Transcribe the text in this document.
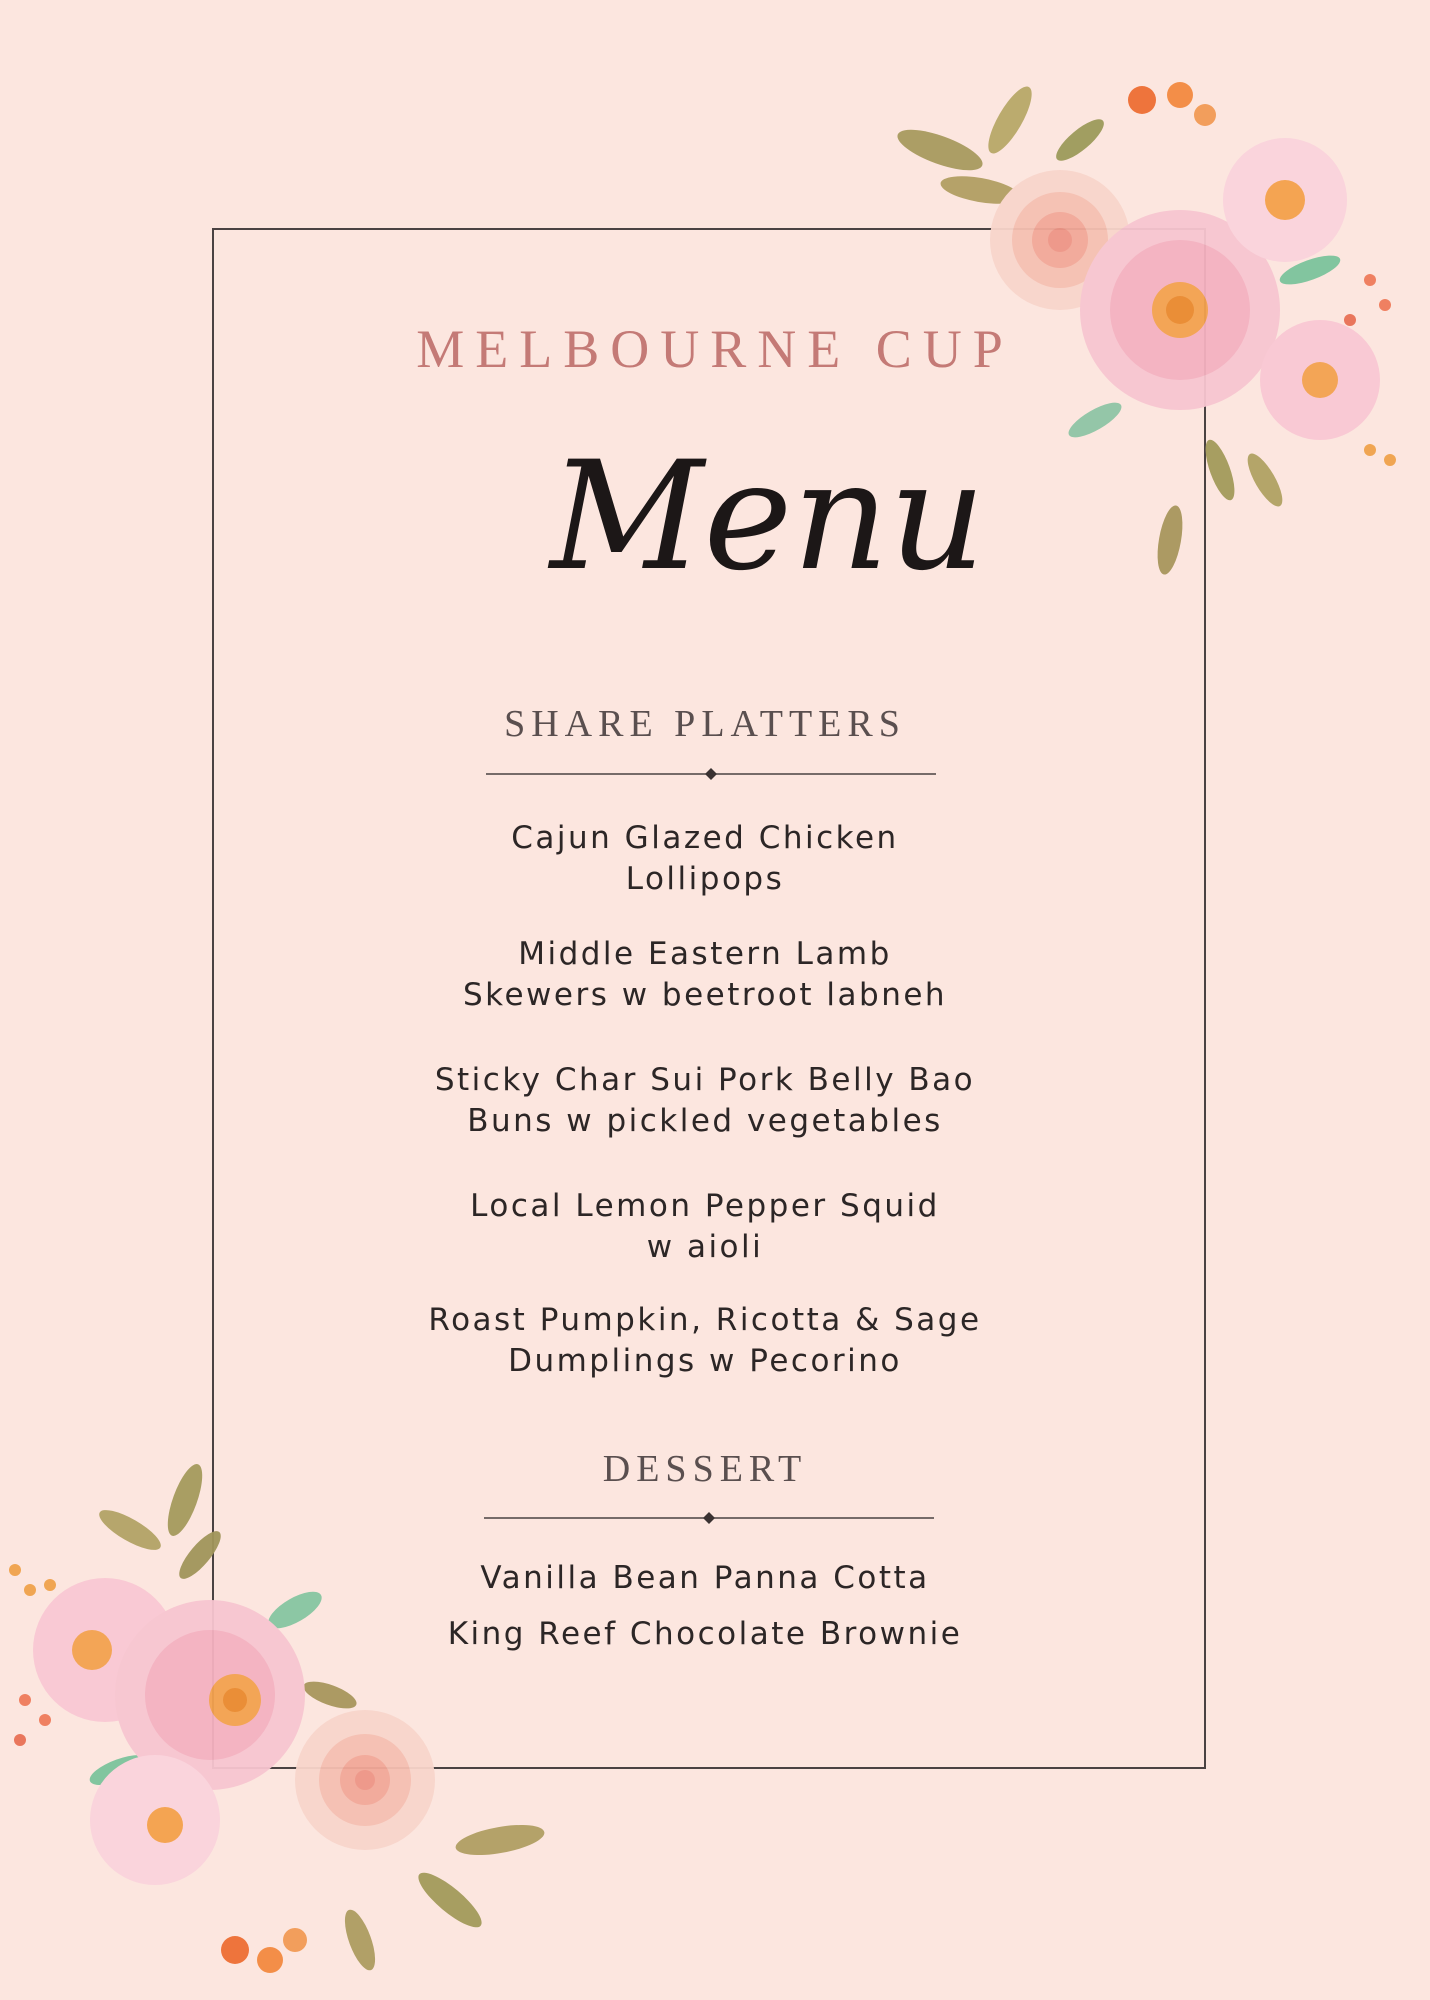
MELBOURNE CUP
Menu
SHARE PLATTERS
Cajun Glazed Chicken
Lollipops
Middle Eastern Lamb
Skewers w beetroot labneh
Sticky Char Sui Pork Belly Bao
Buns w pickled vegetables
Local Lemon Pepper Squid
w aioli
Roast Pumpkin, Ricotta & Sage
Dumplings w Pecorino
DESSERT
Vanilla Bean Panna Cotta
King Reef Chocolate Brownie
